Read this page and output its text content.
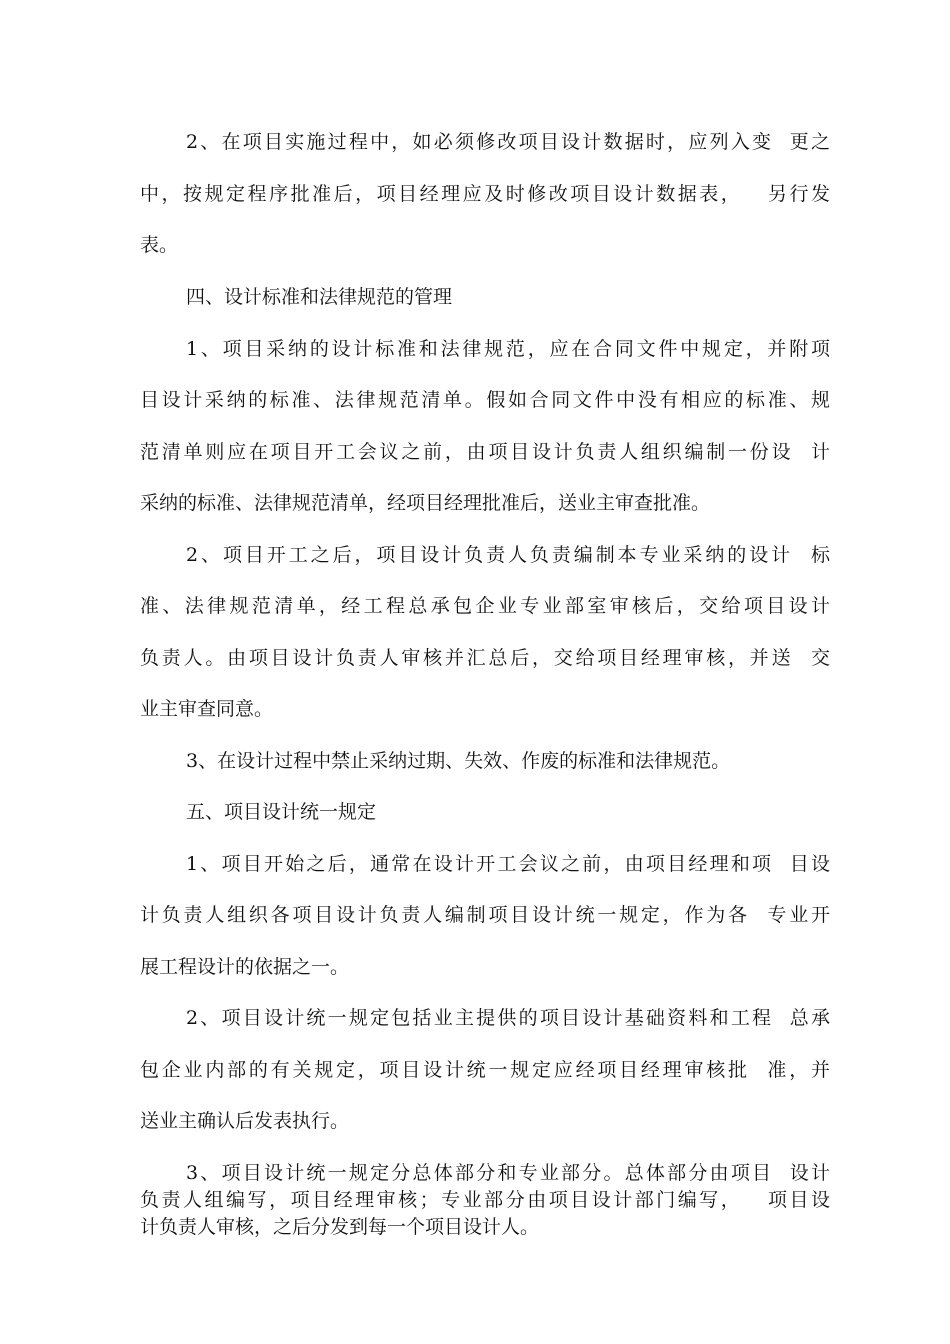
2、在项目实施过程中，如必须修改项目设计数据时，应列入变  更之
中，按规定程序批准后，项目经理应及时修改项目设计数据表，   另行发
表。
四、设计标准和法律规范的管理
1、项目采纳的设计标准和法律规范，应在合同文件中规定，并附项
目设计采纳的标准、法律规范清单。假如合同文件中没有相应的标准、规
范清单则应在项目开工会议之前，由项目设计负责人组织编制一份设  计
采纳的标准、法律规范清单，经项目经理批准后，送业主审查批准。
2、项目开工之后，项目设计负责人负责编制本专业采纳的设计  标
准、法律规范清单，经工程总承包企业专业部室审核后，交给项目设计
负责人。由项目设计负责人审核并汇总后，交给项目经理审核，并送  交
业主审查同意。
3、在设计过程中禁止采纳过期、失效、作废的标准和法律规范。
五、项目设计统一规定
1、项目开始之后，通常在设计开工会议之前，由项目经理和项  目设
计负责人组织各项目设计负责人编制项目设计统一规定，作为各  专业开
展工程设计的依据之一。
2、项目设计统一规定包括业主提供的项目设计基础资料和工程  总承
包企业内部的有关规定，项目设计统一规定应经项目经理审核批  准，并
送业主确认后发表执行。
3、项目设计统一规定分总体部分和专业部分。总体部分由项目  设计
负责人组编写，项目经理审核；专业部分由项目设计部门编写，   项目设
计负责人审核，之后分发到每一个项目设计人。
